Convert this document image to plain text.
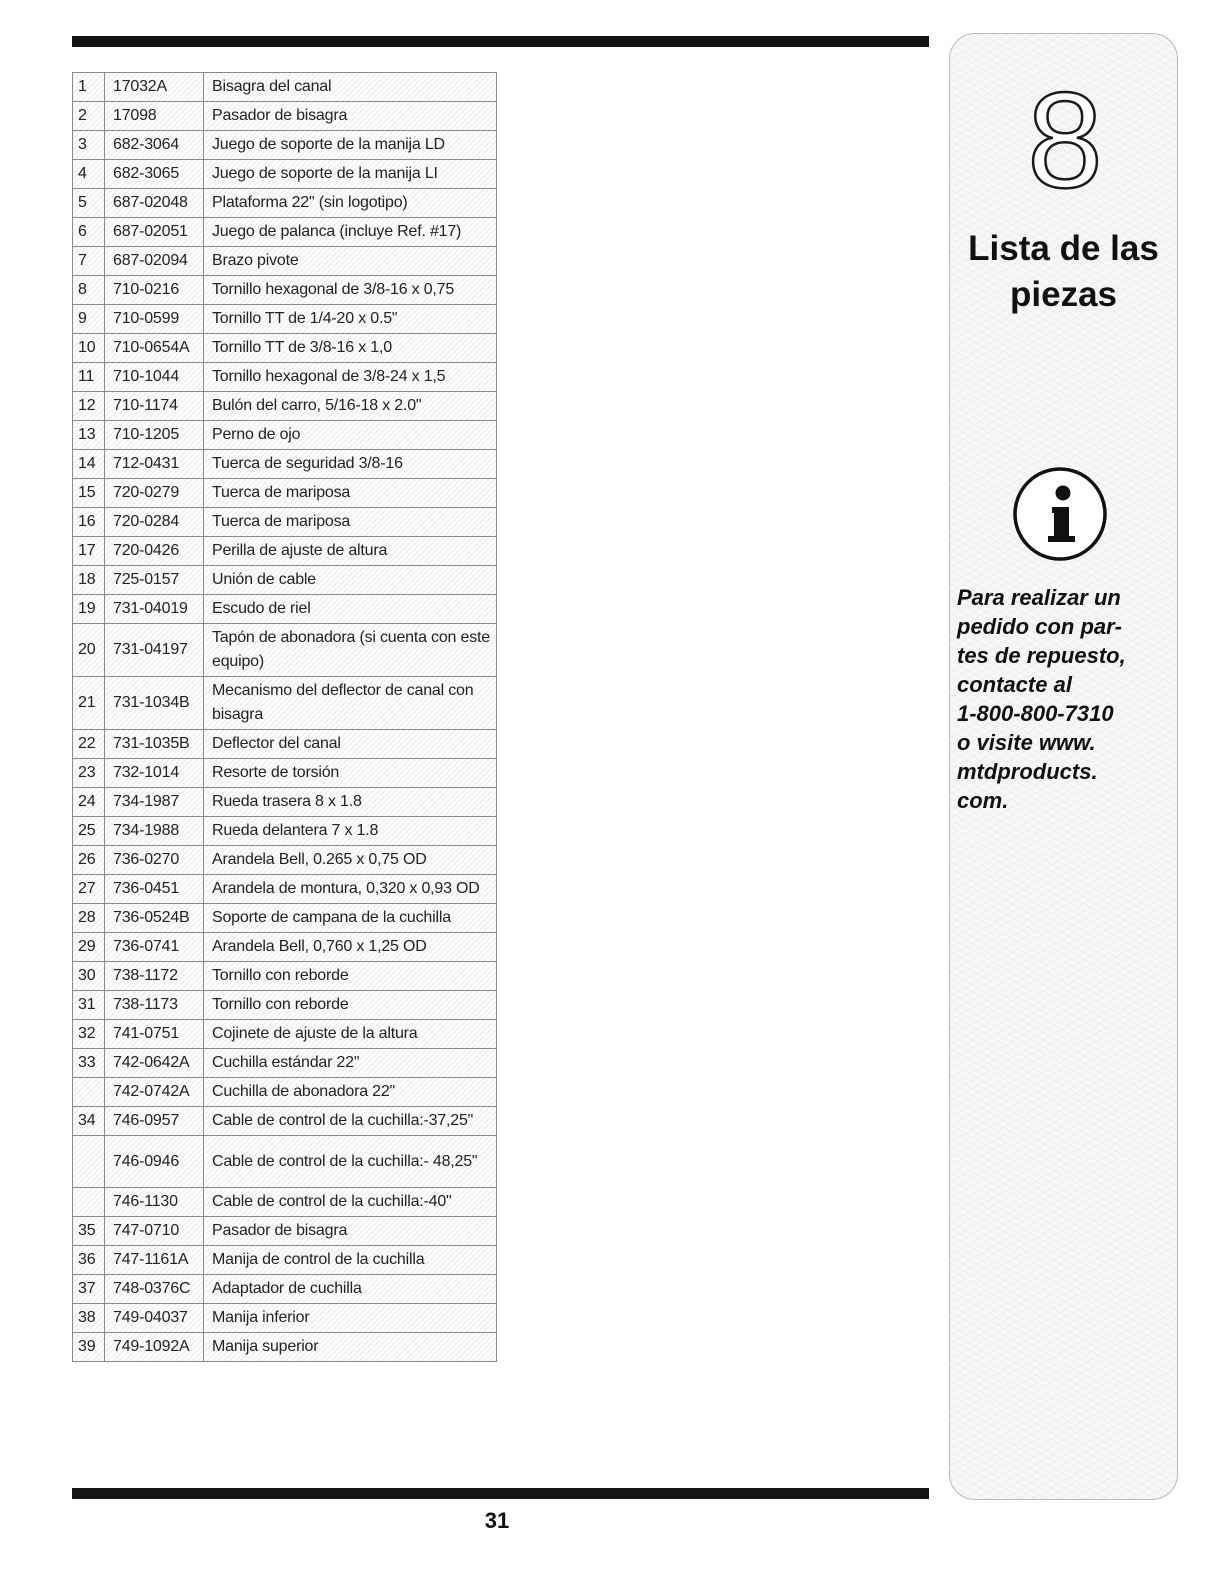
1	17032A	Bisagra del canal
2	17098	Pasador de bisagra
3	682-3064	Juego de soporte de la manija LD
4	682-3065	Juego de soporte de la manija LI
5	687-02048	Plataforma 22" (sin logotipo)
6	687-02051	Juego de palanca (incluye Ref. #17)
7	687-02094	Brazo pivote
8	710-0216	Tornillo hexagonal de 3/8-16 x 0,75
9	710-0599	Tornillo TT de 1/4-20 x 0.5"
10	710-0654A	Tornillo TT de 3/8-16 x 1,0
11	710-1044	Tornillo hexagonal de 3/8-24 x 1,5
12	710-1174	Bulón del carro, 5/16-18 x 2.0"
13	710-1205	Perno de ojo
14	712-0431	Tuerca de seguridad 3/8-16
15	720-0279	Tuerca de mariposa
16	720-0284	Tuerca de mariposa
17	720-0426	Perilla de ajuste de altura
18	725-0157	Unión de cable
19	731-04019	Escudo de riel
20	731-04197	Tapón de abonadora (si cuenta con este equipo)
21	731-1034B	Mecanismo del deflector de canal con bisagra
22	731-1035B	Deflector del canal
23	732-1014	Resorte de torsión
24	734-1987	Rueda trasera 8 x 1.8
25	734-1988	Rueda delantera 7 x 1.8
26	736-0270	Arandela Bell, 0.265 x 0,75 OD
27	736-0451	Arandela de montura, 0,320 x 0,93 OD
28	736-0524B	Soporte de campana de la cuchilla
29	736-0741	Arandela Bell, 0,760 x 1,25 OD
30	738-1172	Tornillo con reborde
31	738-1173	Tornillo con reborde
32	741-0751	Cojinete de ajuste de la altura
33	742-0642A	Cuchilla estándar 22"
	742-0742A	Cuchilla de abonadora 22"
34	746-0957	Cable de control de la cuchilla:-37,25"
	746-0946	Cable de control de la cuchilla:- 48,25"
	746-1130	Cable de control de la cuchilla:-40"
35	747-0710	Pasador de bisagra
36	747-1161A	Manija de control de la cuchilla
37	748-0376C	Adaptador de cuchilla
38	749-04037	Manija inferior
39	749-1092A	Manija superior
8
Lista de las
piezas

Para realizar un
pedido con par-
tes de repuesto,
contacte al
1-800-800-7310
o visite www.
mtdproducts.
com.

31
